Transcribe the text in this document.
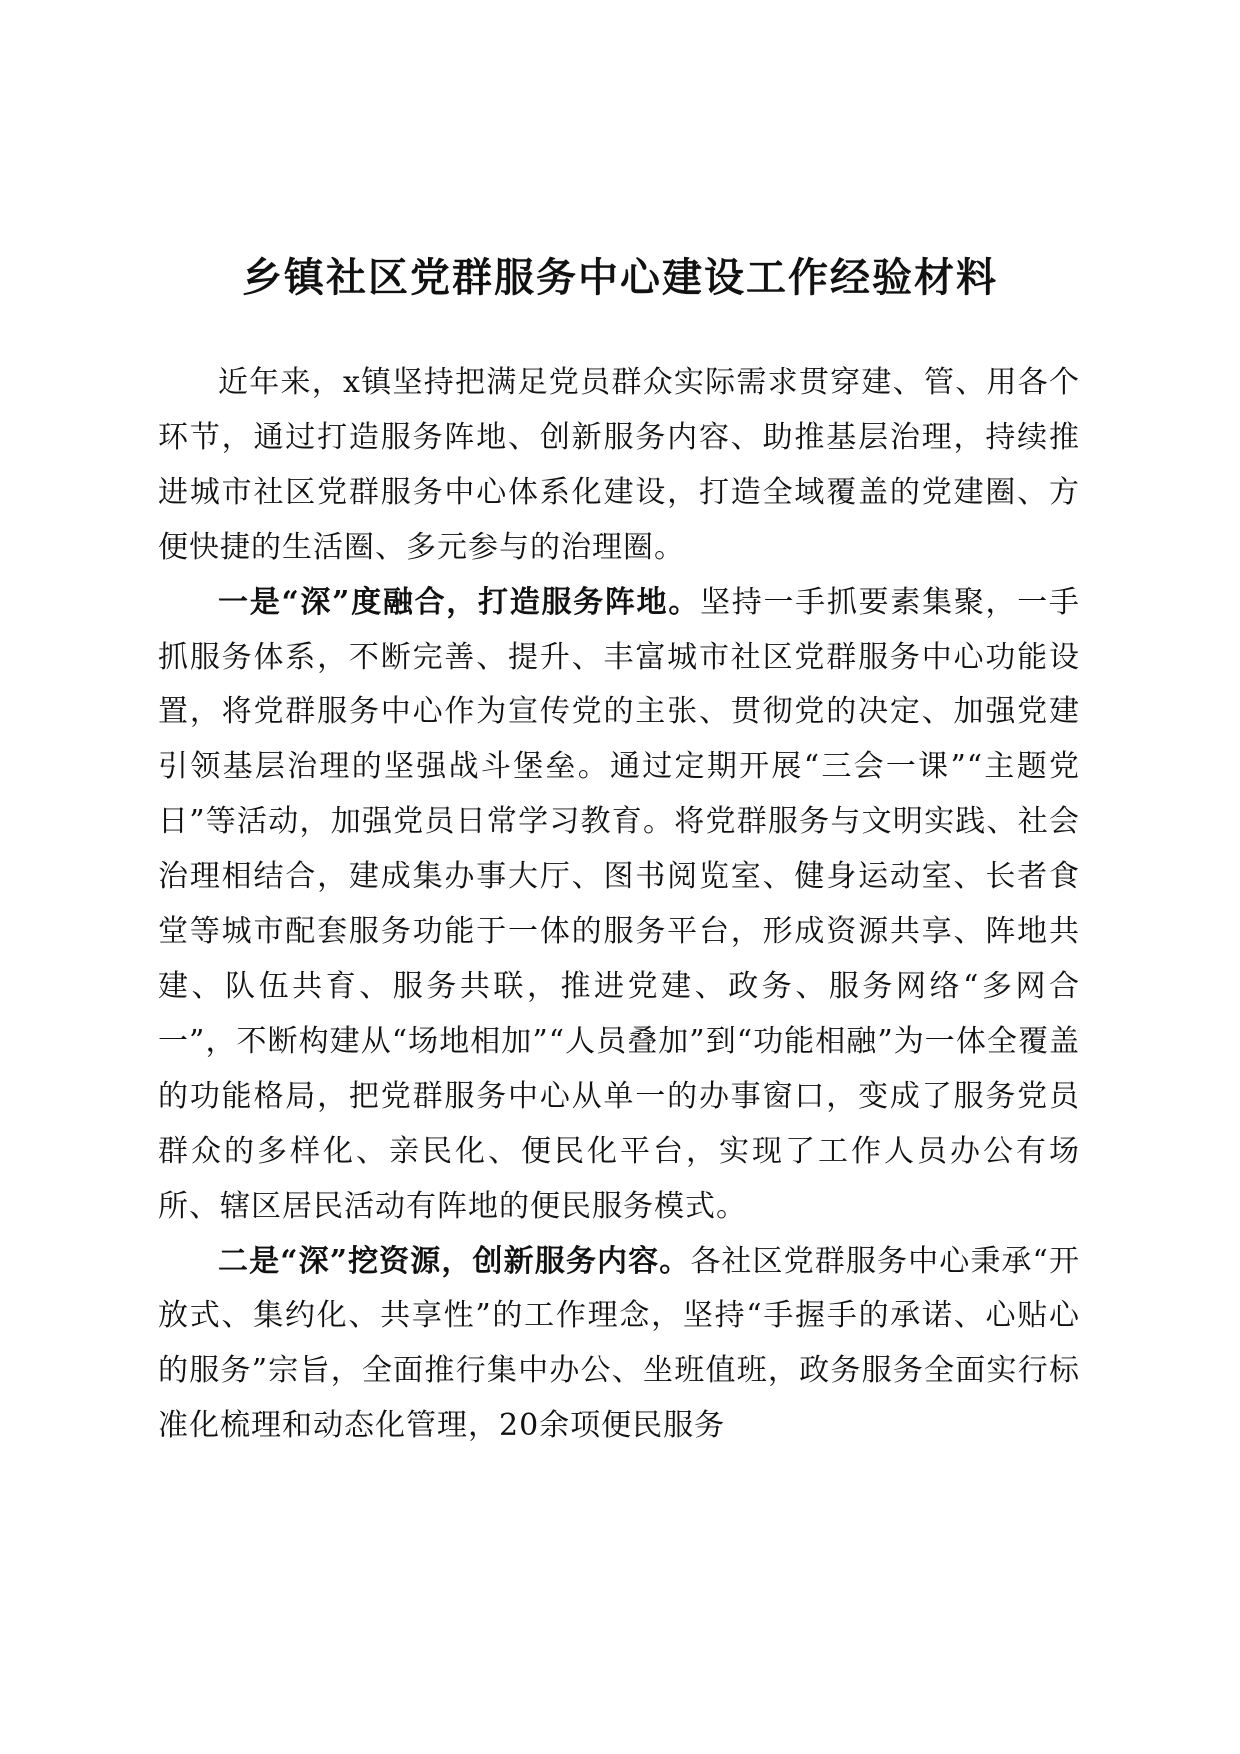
乡镇社区党群服务中心建设工作经验材料

近年来，x镇坚持把满足党员群众实际需求贯穿建、管、用各个环节，通过打造服务阵地、创新服务内容、助推基层治理，持续推进城市社区党群服务中心体系化建设，打造全域覆盖的党建圈、方便快捷的生活圈、多元参与的治理圈。

一是“深”度融合，打造服务阵地。坚持一手抓要素集聚，一手抓服务体系，不断完善、提升、丰富城市社区党群服务中心功能设置，将党群服务中心作为宣传党的主张、贯彻党的决定、加强党建引领基层治理的坚强战斗堡垒。通过定期开展“三会一课”“主题党日”等活动，加强党员日常学习教育。将党群服务与文明实践、社会治理相结合，建成集办事大厅、图书阅览室、健身运动室、长者食堂等城市配套服务功能于一体的服务平台，形成资源共享、阵地共建、队伍共育、服务共联，推进党建、政务、服务网络“多网合一”，不断构建从“场地相加”“人员叠加”到“功能相融”为一体全覆盖的功能格局，把党群服务中心从单一的办事窗口，变成了服务党员群众的多样化、亲民化、便民化平台，实现了工作人员办公有场所、辖区居民活动有阵地的便民服务模式。

二是“深”挖资源，创新服务内容。各社区党群服务中心秉承“开放式、集约化、共享性”的工作理念，坚持“手握手的承诺、心贴心的服务”宗旨，全面推行集中办公、坐班值班，政务服务全面实行标准化梳理和动态化管理，20余项便民服务
